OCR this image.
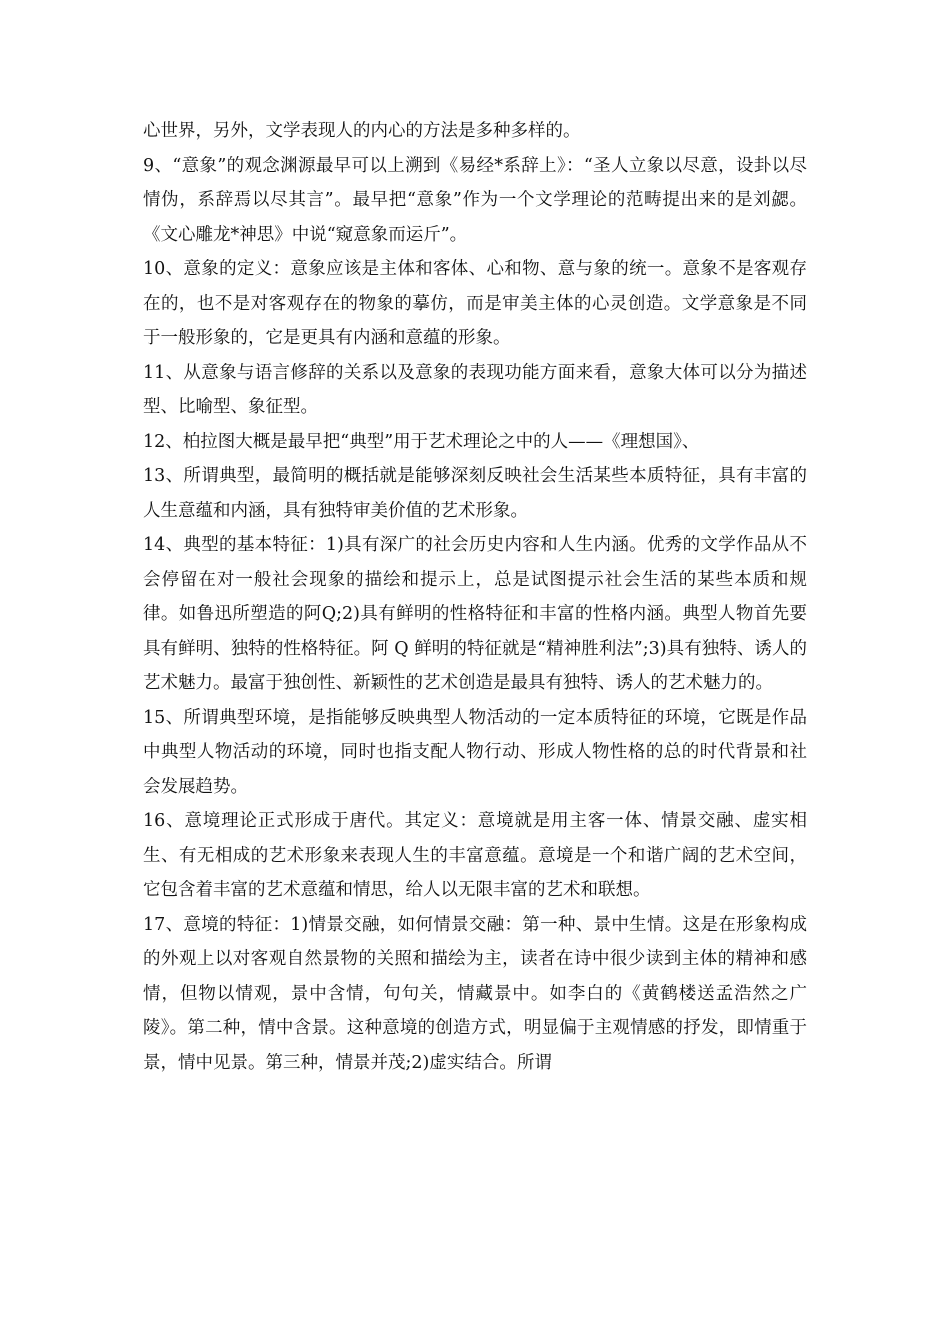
心世界，另外，文学表现人的内心的方法是多种多样的。

9、“意象”的观念渊源最早可以上溯到《易经*系辞上》：“圣人立象以尽意，设卦以尽情伪，系辞焉以尽其言”。最早把“意象”作为一个文学理论的范畴提出来的是刘勰。《文心雕龙*神思》中说“窥意象而运斤”。

10、意象的定义：意象应该是主体和客体、心和物、意与象的统一。意象不是客观存在的，也不是对客观存在的物象的摹仿，而是审美主体的心灵创造。文学意象是不同于一般形象的，它是更具有内涵和意蕴的形象。

11、从意象与语言修辞的关系以及意象的表现功能方面来看，意象大体可以分为描述型、比喻型、象征型。

12、柏拉图大概是最早把“典型”用于艺术理论之中的人——《理想国》、

13、所谓典型，最简明的概括就是能够深刻反映社会生活某些本质特征，具有丰富的人生意蕴和内涵，具有独特审美价值的艺术形象。

14、典型的基本特征：1)具有深广的社会历史内容和人生内涵。优秀的文学作品从不会停留在对一般社会现象的描绘和提示上，总是试图提示社会生活的某些本质和规律。如鲁迅所塑造的阿Q;2)具有鲜明的性格特征和丰富的性格内涵。典型人物首先要具有鲜明、独特的性格特征。阿 Q 鲜明的特征就是“精神胜利法”;3)具有独特、诱人的艺术魅力。最富于独创性、新颖性的艺术创造是最具有独特、诱人的艺术魅力的。

15、所谓典型环境，是指能够反映典型人物活动的一定本质特征的环境，它既是作品中典型人物活动的环境，同时也指支配人物行动、形成人物性格的总的时代背景和社会发展趋势。

16、意境理论正式形成于唐代。其定义：意境就是用主客一体、情景交融、虚实相生、有无相成的艺术形象来表现人生的丰富意蕴。意境是一个和谐广阔的艺术空间，它包含着丰富的艺术意蕴和情思，给人以无限丰富的艺术和联想。

17、意境的特征：1)情景交融，如何情景交融：第一种、景中生情。这是在形象构成的外观上以对客观自然景物的关照和描绘为主，读者在诗中很少读到主体的精神和感情，但物以情观，景中含情，句句关，情藏景中。如李白的《黄鹤楼送孟浩然之广陵》。第二种，情中含景。这种意境的创造方式，明显偏于主观情感的抒发，即情重于景，情中见景。第三种，情景并茂;2)虚实结合。所谓
